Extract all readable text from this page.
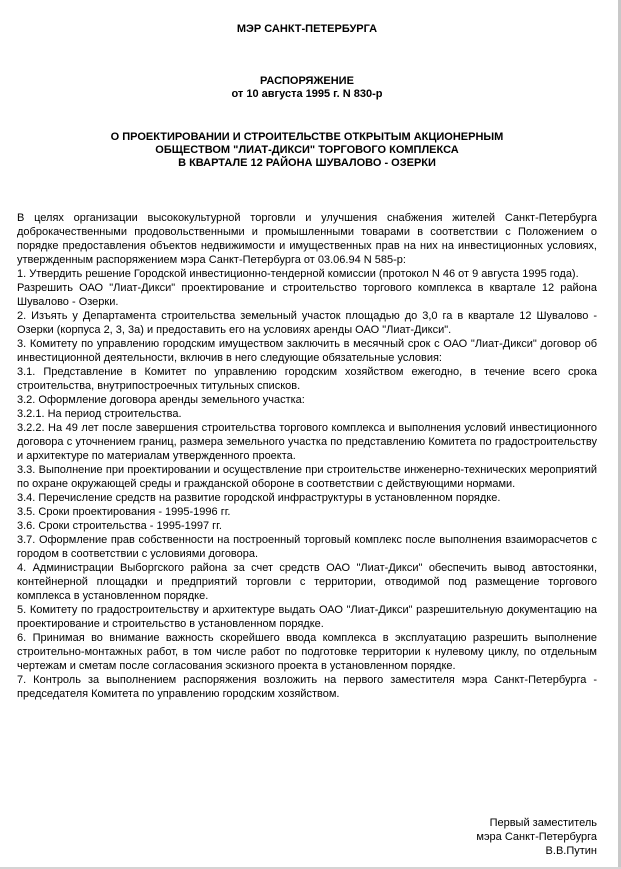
МЭР САНКТ-ПЕТЕРБУРГА
РАСПОРЯЖЕНИЕ
от 10 августа 1995 г. N 830-р
О ПРОЕКТИРОВАНИИ И СТРОИТЕЛЬСТВЕ ОТКРЫТЫМ АКЦИОНЕРНЫМ
ОБЩЕСТВОМ "ЛИАТ-ДИКСИ" ТОРГОВОГО КОМПЛЕКСА
В КВАРТАЛЕ 12 РАЙОНА ШУВАЛОВО - ОЗЕРКИ

В целях организации высококультурной торговли и улучшения снабжения жителей Санкт-Петербурга доброкачественными продовольственными и промышленными товарами в соответствии с Положением о порядке предоставления объектов недвижимости и имущественных прав на них на инвестиционных условиях, утвержденным распоряжением мэра Санкт-Петербурга от 03.06.94 N 585-р:

1. Утвердить решение Городской инвестиционно-тендерной комиссии (протокол N 46 от 9 августа 1995 года).

Разрешить ОАО "Лиат-Дикси" проектирование и строительство торгового комплекса в квартале 12 района Шувалово - Озерки.

2. Изъять у Департамента строительства земельный участок площадью до 3,0 га в квартале 12 Шувалово - Озерки (корпуса 2, 3, 3а) и предоставить его на условиях аренды ОАО "Лиат-Дикси".

3. Комитету по управлению городским имуществом заключить в месячный срок с ОАО "Лиат-Дикси" договор об инвестиционной деятельности, включив в него следующие обязательные условия:

3.1. Представление в Комитет по управлению городским хозяйством ежегодно, в течение всего срока строительства, внутрипостроечных титульных списков.

3.2. Оформление договора аренды земельного участка:

3.2.1. На период строительства.

3.2.2. На 49 лет после завершения строительства торгового комплекса и выполнения условий инвестиционного договора с уточнением границ, размера земельного участка по представлению Комитета по градостроительству и архитектуре по материалам утвержденного проекта.

3.3. Выполнение при проектировании и осуществление при строительстве инженерно-технических мероприятий по охране окружающей среды и гражданской обороне в соответствии с действующими нормами.

3.4. Перечисление средств на развитие городской инфраструктуры в установленном порядке.

3.5. Сроки проектирования - 1995-1996 гг.

3.6. Сроки строительства - 1995-1997 гг.

3.7. Оформление прав собственности на построенный торговый комплекс после выполнения взаиморасчетов с городом в соответствии с условиями договора.

4. Администрации Выборгского района за счет средств ОАО "Лиат-Дикси" обеспечить вывод автостоянки, контейнерной площадки и предприятий торговли с территории, отводимой под размещение торгового комплекса в установленном порядке.

5. Комитету по градостроительству и архитектуре выдать ОАО "Лиат-Дикси" разрешительную документацию на проектирование и строительство в установленном порядке.

6. Принимая во внимание важность скорейшего ввода комплекса в эксплуатацию разрешить выполнение строительно-монтажных работ, в том числе работ по подготовке территории к нулевому циклу, по отдельным чертежам и сметам после согласования эскизного проекта в установленном порядке.

7. Контроль за выполнением распоряжения возложить на первого заместителя мэра Санкт-Петербурга - председателя Комитета по управлению городским хозяйством.

Первый заместитель
мэра Санкт-Петербурга
В.В.Путин
